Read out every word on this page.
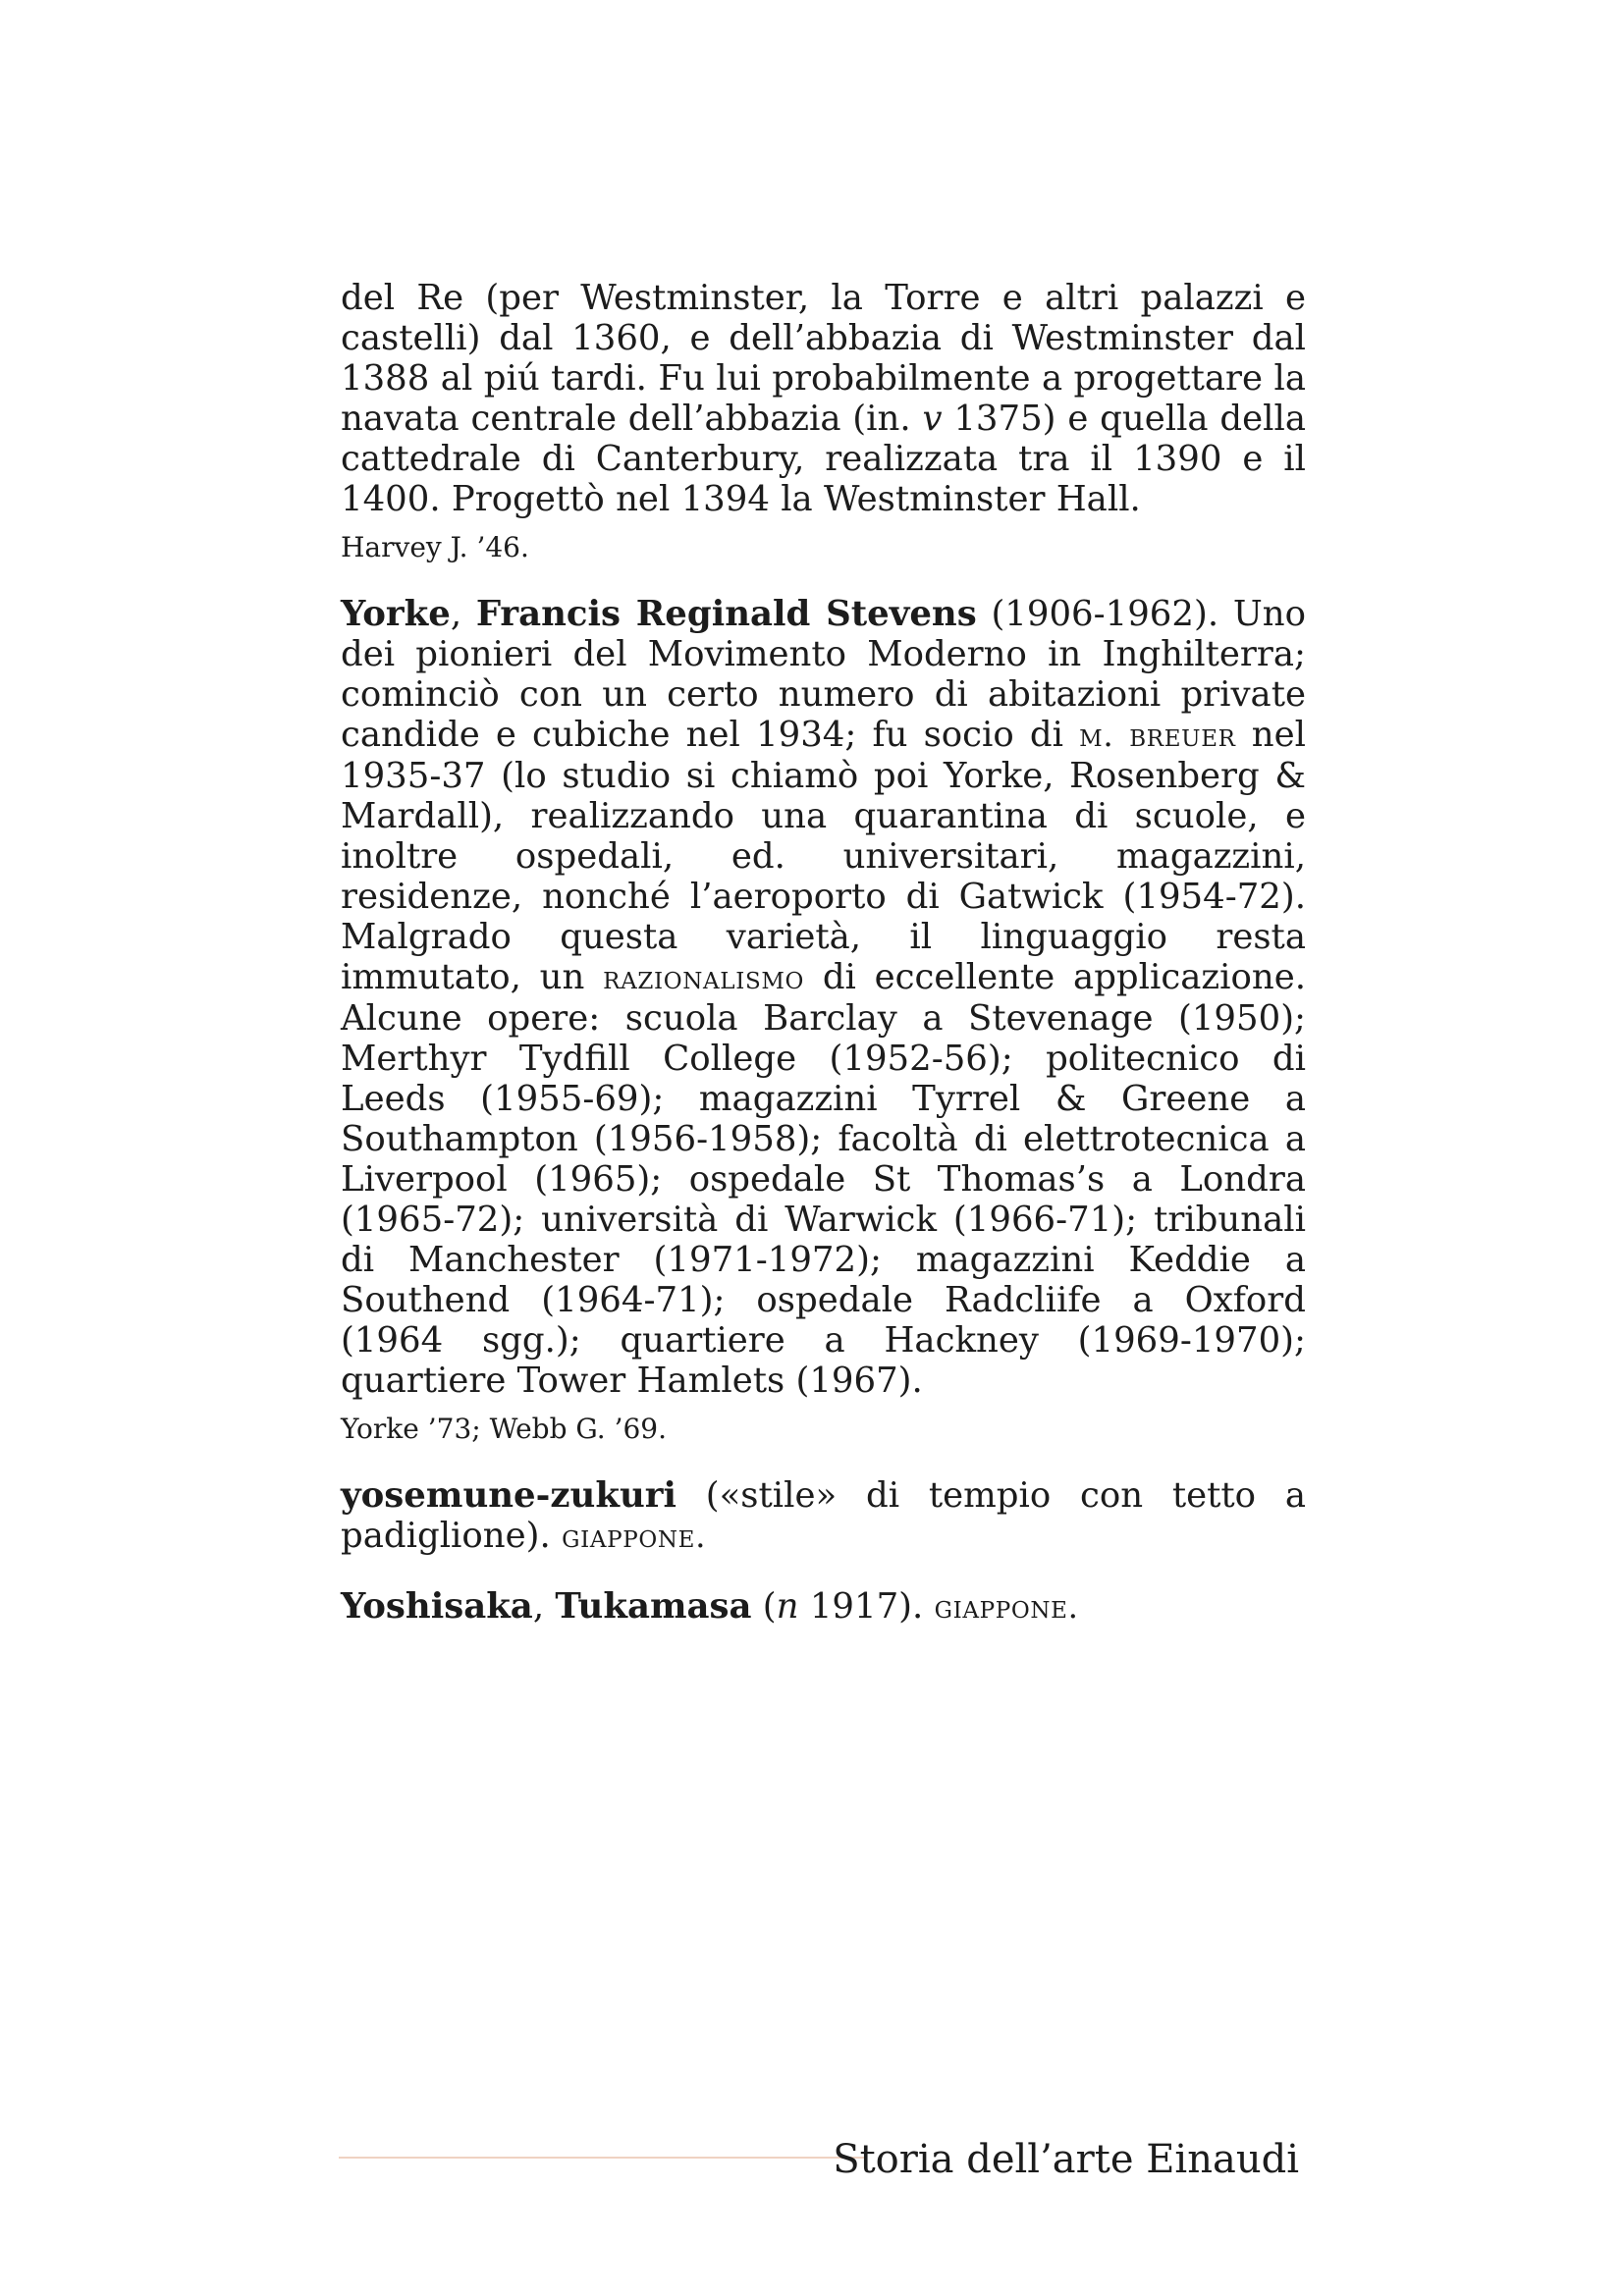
del Re (per Westminster, la Torre e altri palazzi e castelli) dal 1360, e dell’abbazia di Westminster dal 1388 al piú tardi. Fu lui probabilmente a progettare la navata centrale dell’abbazia (in. v 1375) e quella della cattedrale di Canterbury, realizzata tra il 1390 e il 1400. Progettò nel 1394 la Westminster Hall.

Harvey J. ’46.

Yorke, Francis Reginald Stevens (1906-1962). Uno dei pionieri del Movimento Moderno in Inghilterra; cominciò con un certo numero di abitazioni private candide e cubiche nel 1934; fu socio di m. breuer nel 1935-37 (lo studio si chiamò poi Yorke, Rosenberg & Mardall), realizzando una quarantina di scuole, e inoltre ospedali, ed. universitari, magazzini, residenze, nonché l’aeroporto di Gatwick (1954-72). Malgrado questa varietà, il linguaggio resta immutato, un razionalismo di eccellente applicazione. Alcune opere: scuola Barclay a Stevenage (1950); Merthyr Tydfill College (1952-56); politecnico di Leeds (1955-69); magazzini Tyrrel & Greene a Southampton (1956-1958); facoltà di elettrotecnica a Liverpool (1965); ospedale St Thomas’s a Londra (1965-72); università di Warwick (1966-71); tribunali di Manchester (1971-1972); magazzini Keddie a Southend (1964-71); ospedale Radcliife a Oxford (1964 sgg.); quartiere a Hackney (1969-1970); quartiere Tower Hamlets (1967).

Yorke ’73; Webb G. ’69.

yosemune-zukuri («stile» di tempio con tetto a padiglione). giappone.

Yoshisaka, Tukamasa (n 1917). giappone.

Storia dell’arte Einaudi
